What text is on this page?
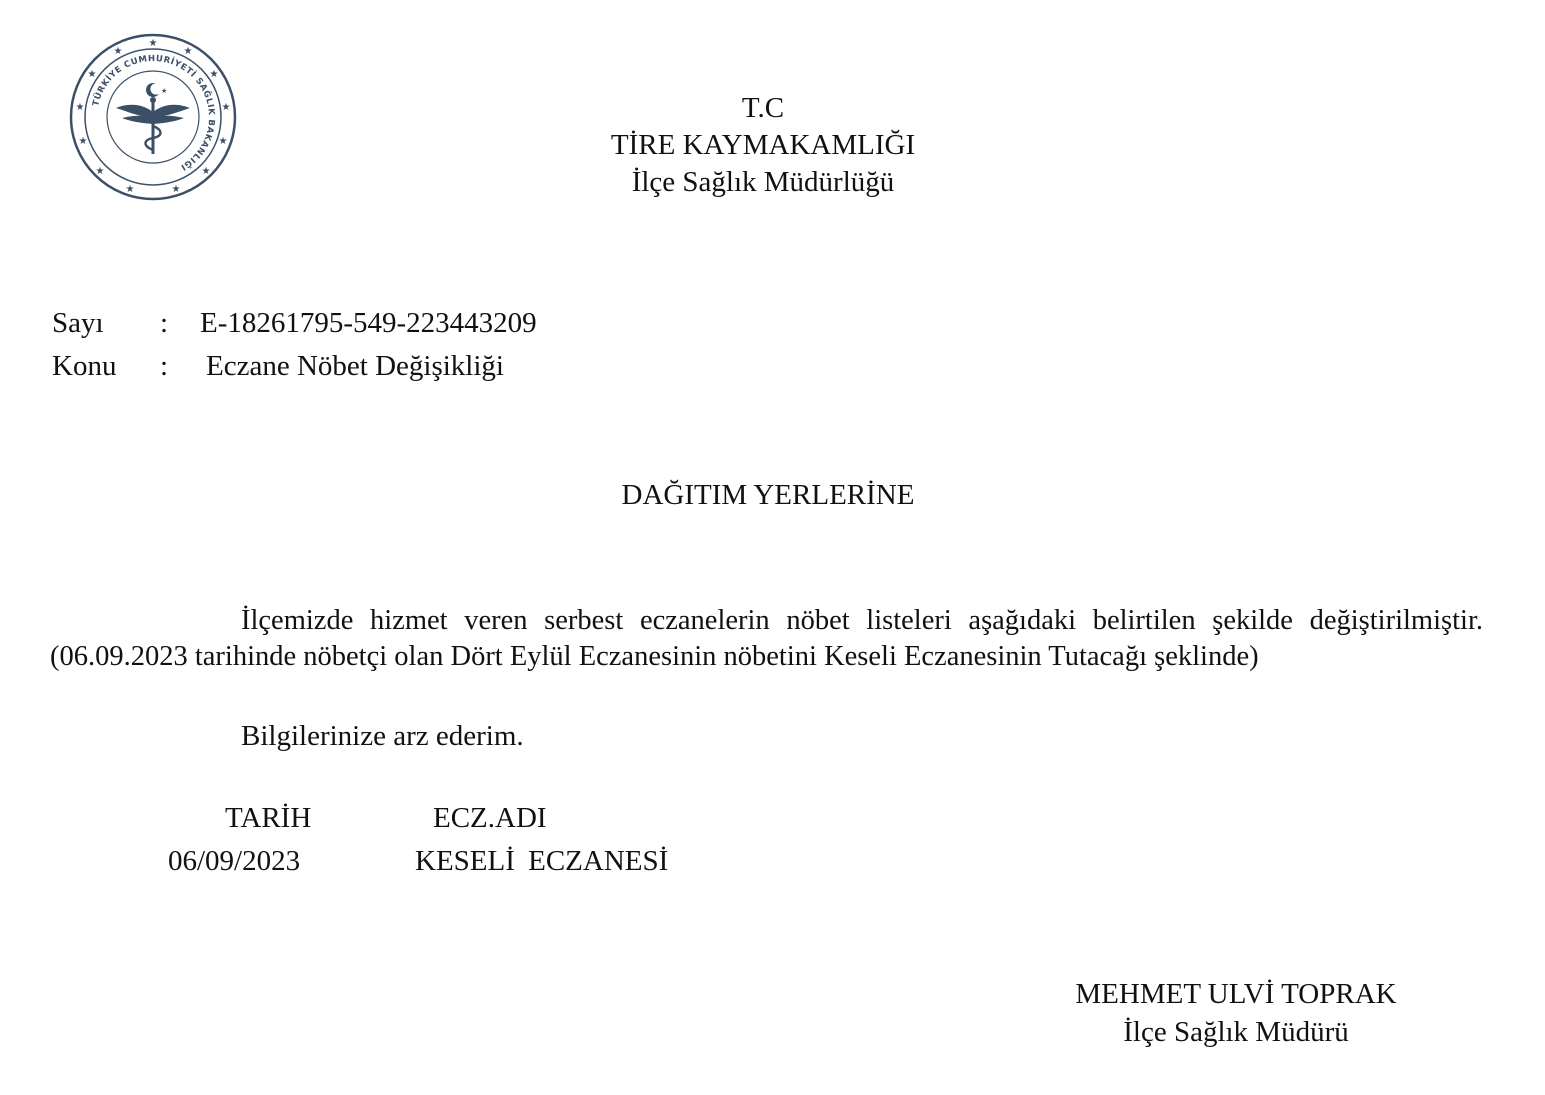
★
★
★
★
★
★
★
★
★
★
★
★
★
TÜRKİYE CUMHURİYETİ SAĞLIK BAKANLIĞI
★
T.C
TİRE KAYMAKAMLIĞI
İlçe Sağlık Müdürlüğü
Sayı : E-18261795-549-223443209
Konu : Eczane Nöbet Değişikliği
DAĞITIM YERLERİNE

İlçemizde hizmet veren serbest eczanelerin nöbet listeleri aşağıdaki belirtilen şekilde değiştirilmiştir.(06.09.2023 tarihinde nöbetçi olan Dört Eylül Eczanesinin nöbetini Keseli Eczanesinin Tutacağı şeklinde)

Bilgilerinize arz ederim.
TARİH	ECZ.ADI
06/09/2023	KESELİ ECZANESİ
MEHMET ULVİ TOPRAK
İlçe Sağlık Müdürü
